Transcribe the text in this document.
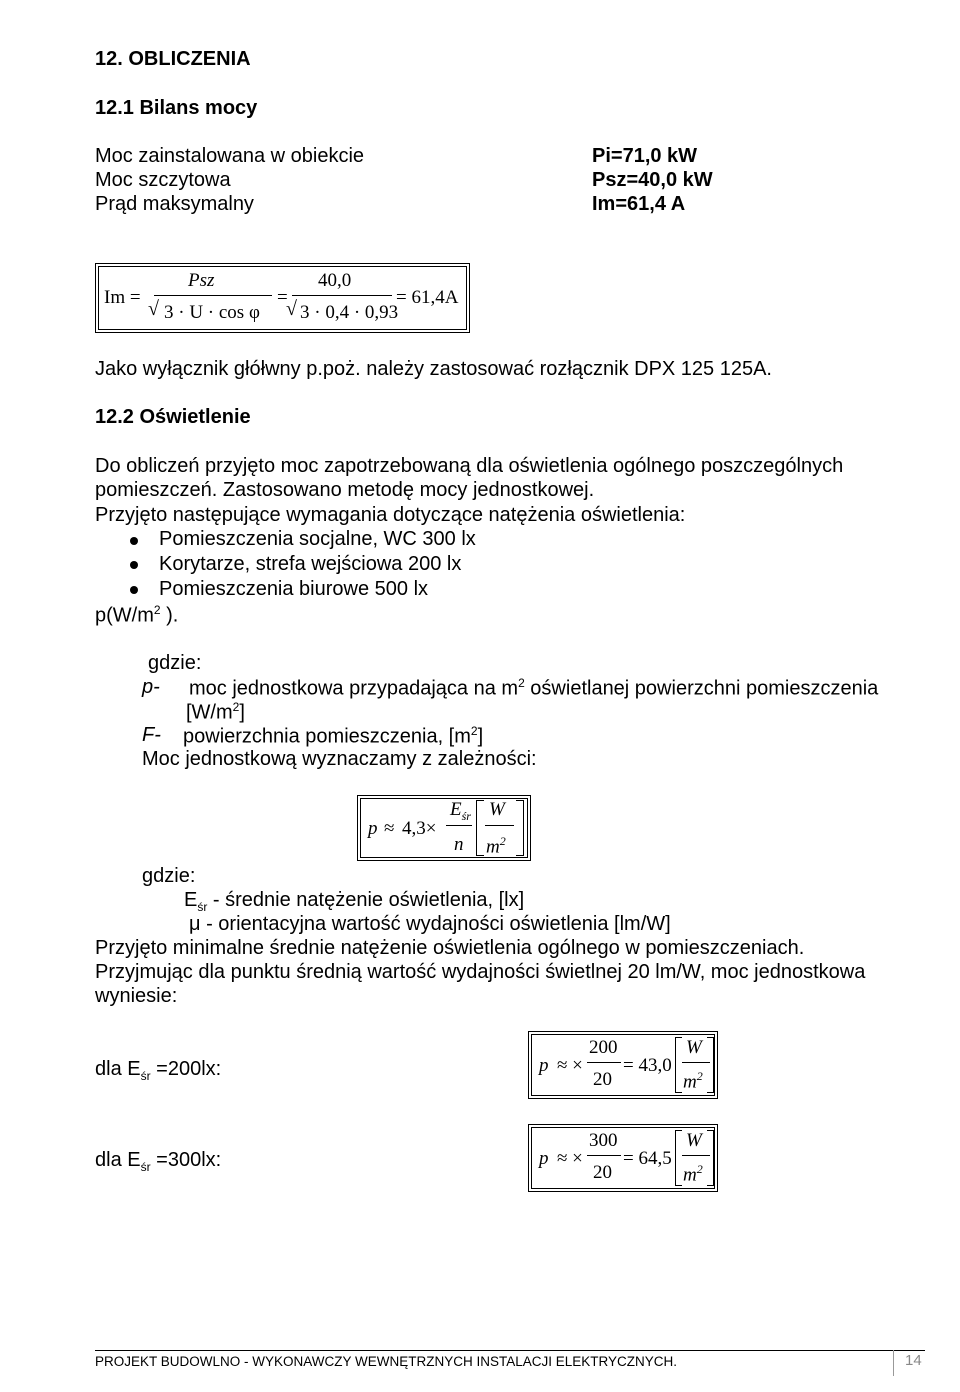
12. OBLICZENIA
12.1 Bilans mocy
Moc zainstalowana w obiekcie	Pi=71,0 kW
Moc szczytowa	Psz=40,0 kW
Prąd maksymalny	Im=61,4 A
Im =
Psz
√ 3 · U · cos φ
=
40,0
√ 3 · 0,4 · 0,93
= 61,4A
Jako wyłącznik głółwny p.poż. należy zastosować rozłącznik DPX 125 125A.
12.2 Oświetlenie
Do obliczeń przyjęto moc zapotrzebowaną dla oświetlenia ogólnego poszczególnych
pomieszczeń. Zastosowano metodę mocy jednostkowej.
Przyjęto następujące wymagania dotyczące natężenia oświetlenia:
Pomieszczenia socjalne, WC 300 lx
Korytarze, strefa wejściowa 200 lx
Pomieszczenia biurowe 500 lx
$p(W/m^2$ ).
gdzie:
p- moc jednostkowa przypadająca na $m^2$ oświetlanej powierzchni pomieszczenia
$[W/m^2]$
F- powierzchnia pomieszczenia, $[m^2]$
Moc jednostkową wyznaczamy z zależności:
p ≈ 4,3×
$E_{śr}$
n
W
$m^2$
gdzie:
$E_{śr}$ - średnie natężenie oświetlenia, [lx]
μ - orientacyjna wartość wydajności oświetlenia [lm/W]
Przyjęto minimalne średnie natężenie oświetlenia ogólnego w pomieszczeniach.
Przyjmując dla punktu średnią wartość wydajności świetlnej 20 lm/W, moc jednostkowa
wyniesie:
dla $E_{śr} =200lx$:	p ≈ ×
200
20
= 43,0
W
$m^2$
dla $E_{śr} =300lx$:	p ≈ ×
300
20
= 64,5
W
$m^2$
PROJEKT BUDOWLNO - WYKONAWCZY WEWNĘTRZNYCH INSTALACJI ELEKTRYCZNYCH.	14
